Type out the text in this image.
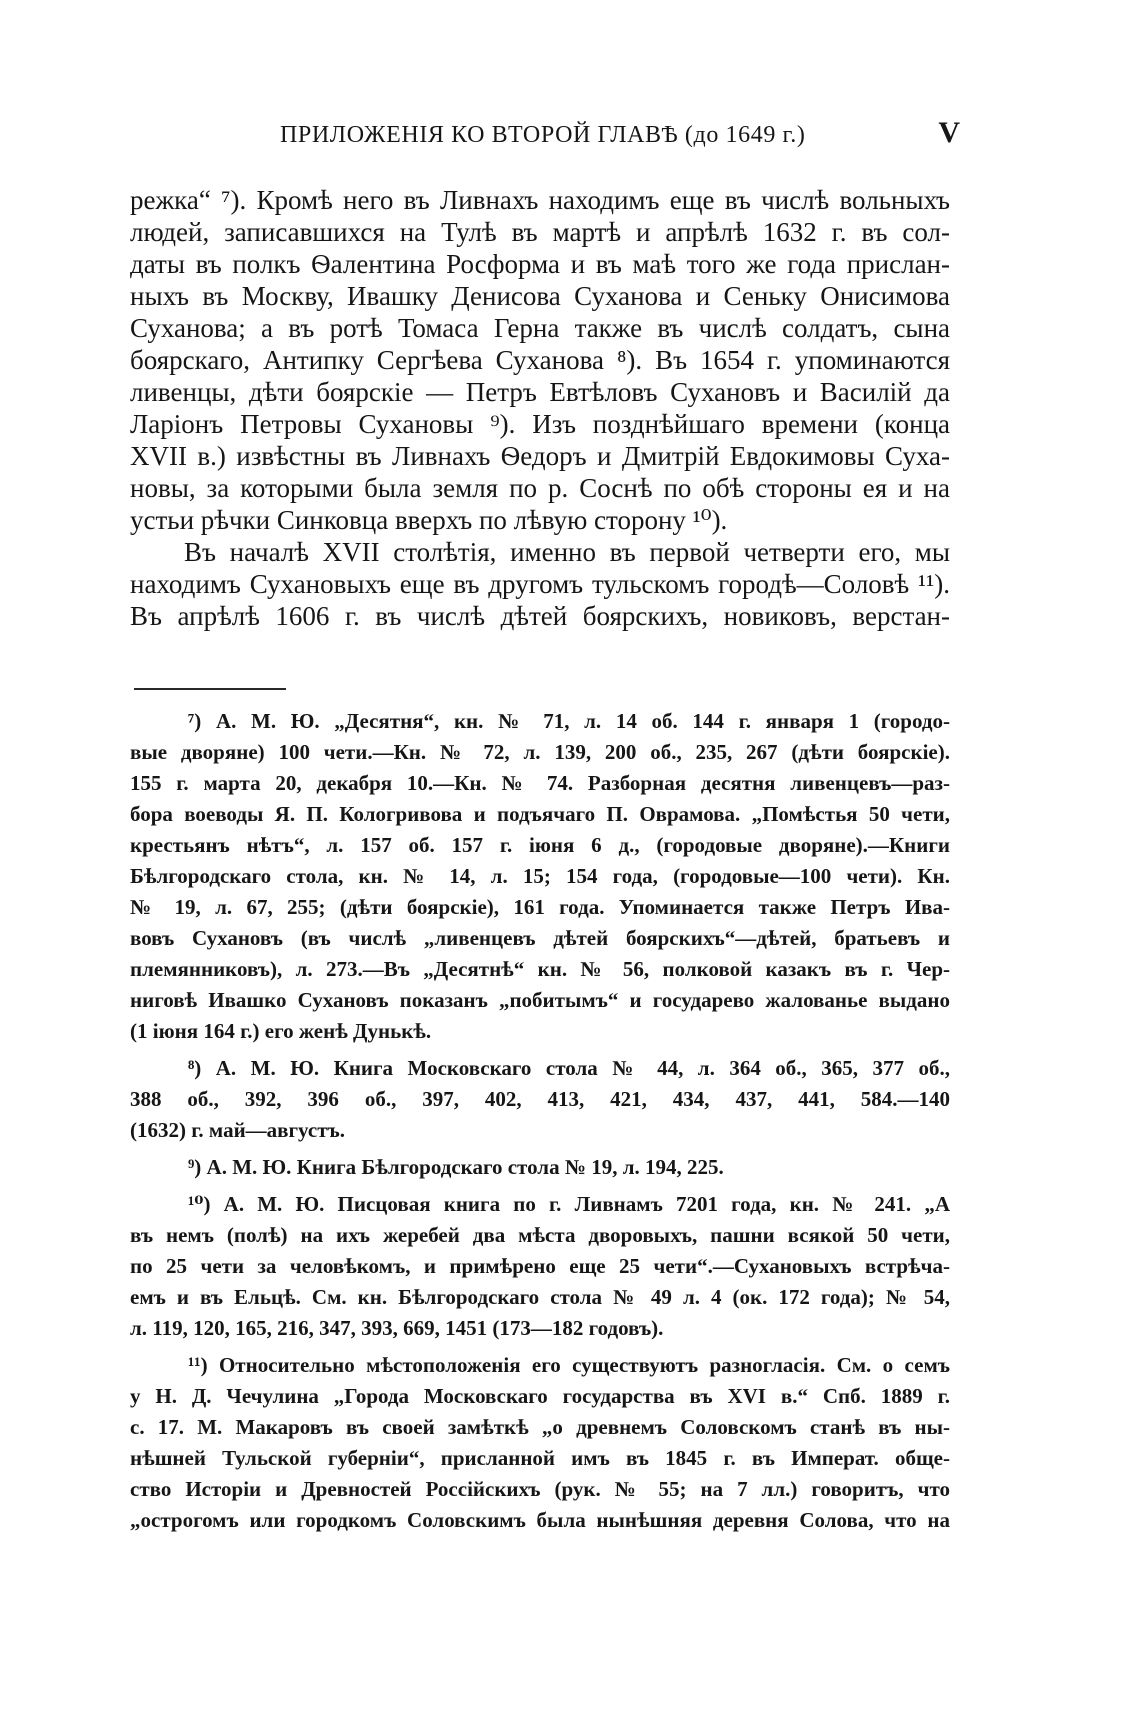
ПРИЛОЖЕНІЯ КО ВТОРОЙ ГЛАВѢ (до 1649 г.)	V
режка“ ⁷). Кромѣ него въ Ливнахъ находимъ еще въ числѣ вольныхъ
людей, записавшихся на Тулѣ въ мартѣ и апрѣлѣ 1632 г. въ сол-
даты въ полкъ Ѳалентина Росформа и въ маѣ того же года прислан-
ныхъ въ Москву, Ивашку Денисова Суханова и Сеньку Онисимова
Суханова; а въ ротѣ Томаса Герна также въ числѣ солдатъ, сына
боярскаго, Антипку Сергѣева Суханова ⁸). Въ 1654 г. упоминаются
ливенцы, дѣти боярскіе — Петръ Евтѣловъ Сухановъ и Василій да
Ларіонъ Петровы Сухановы ⁹). Изъ позднѣйшаго времени (конца
XVII в.) извѣстны въ Ливнахъ Ѳедоръ и Дмитрій Евдокимовы Суха-
новы, за которыми была земля по р. Соснѣ по обѣ стороны ея и на
устьи рѣчки Синковца вверхъ по лѣвую сторону ¹⁰).
Въ началѣ XVII столѣтія, именно въ первой четверти его, мы
находимъ Сухановыхъ еще въ другомъ тульскомъ городѣ—Соловѣ ¹¹).
Въ апрѣлѣ 1606 г. въ числѣ дѣтей боярскихъ, новиковъ, верстан-
⁷) А. М. Ю. „Десятня“, кн. № 71, л. 14 об. 144 г. января 1 (городо-
вые дворяне) 100 чети.—Кн. № 72, л. 139, 200 об., 235, 267 (дѣти боярскіе).
155 г. марта 20, декабря 10.—Кн. № 74. Разборная десятня ливенцевъ—раз-
бора воеводы Я. П. Кологривова и подъячаго П. Оврамова. „Помѣстья 50 чети,
крестьянъ нѣтъ“, л. 157 об. 157 г. іюня 6 д., (городовые дворяне).—Книги
Бѣлгородскаго стола, кн. № 14, л. 15; 154 года, (городовые—100 чети). Кн.
№ 19, л. 67, 255; (дѣти боярскіе), 161 года. Упоминается также Петръ Ива-
вовъ Сухановъ (въ числѣ „ливенцевъ дѣтей боярскихъ“—дѣтей, братьевъ и
племянниковъ), л. 273.—Въ „Десятнѣ“ кн. № 56, полковой казакъ въ г. Чер-
ниговѣ Ивашко Сухановъ показанъ „побитымъ“ и государево жалованье выдано
(1 іюня 164 г.) его женѣ Дунькѣ.
⁸) А. М. Ю. Книга Московскаго стола № 44, л. 364 об., 365, 377 об.,
388 об., 392, 396 об., 397, 402, 413, 421, 434, 437, 441, 584.—140
(1632) г. май—августъ.
⁹) А. М. Ю. Книга Бѣлгородскаго стола № 19, л. 194, 225.
¹⁰) А. М. Ю. Писцовая книга по г. Ливнамъ 7201 года, кн. № 241. „А
въ немъ (полѣ) на ихъ жеребей два мѣста дворовыхъ, пашни всякой 50 чети,
по 25 чети за человѣкомъ, и примѣрено еще 25 чети“.—Сухановыхъ встрѣча-
емъ и въ Ельцѣ. См. кн. Бѣлгородскаго стола № 49 л. 4 (ок. 172 года); № 54,
л. 119, 120, 165, 216, 347, 393, 669, 1451 (173—182 годовъ).
¹¹) Относительно мѣстоположенія его существуютъ разногласія. См. о семъ
у Н. Д. Чечулина „Города Московскаго государства въ XVI в.“ Спб. 1889 г.
с. 17. М. Макаровъ въ своей замѣткѣ „о древнемъ Соловскомъ станѣ въ ны-
нѣшней Тульской губерніи“, присланной имъ въ 1845 г. въ Императ. обще-
ство Исторіи и Древностей Россійскихъ (рук. № 55; на 7 лл.) говоритъ, что
„острогомъ или городкомъ Соловскимъ была нынѣшняя деревня Солова, что на
